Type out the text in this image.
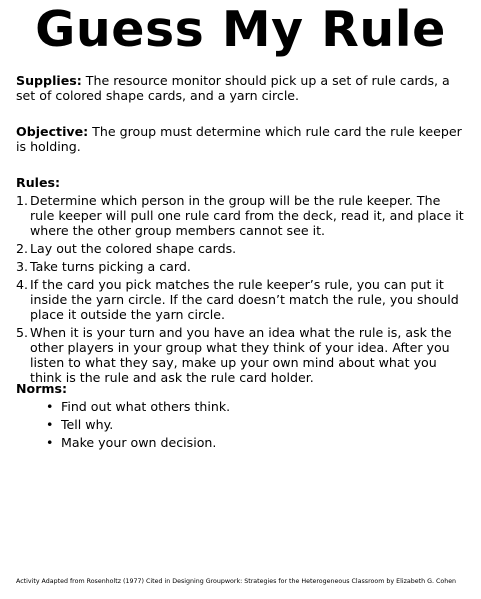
Guess My Rule
Supplies: The resource monitor should pick up a set of rule cards, a set of colored shape cards, and a yarn circle.
Objective: The group must determine which rule card the rule keeper is holding.
Rules:
1. Determine which person in the group will be the rule keeper. The rule keeper will pull one rule card from the deck, read it, and place it where the other group members cannot see it.
2. Lay out the colored shape cards.
3. Take turns picking a card.
4. If the card you pick matches the rule keeper’s rule, you can put it inside the yarn circle. If the card doesn’t match the rule, you should place it outside the yarn circle.
5. When it is your turn and you have an idea what the rule is, ask the other players in your group what they think of your idea. After you listen to what they say, make up your own mind about what you think is the rule and ask the rule card holder.
Norms:
• Find out what others think.
• Tell why.
• Make your own decision.
Activity Adapted from Rosenholtz (1977) Cited in Designing Groupwork: Strategies for the Heterogeneous Classroom by Elizabeth G. Cohen
